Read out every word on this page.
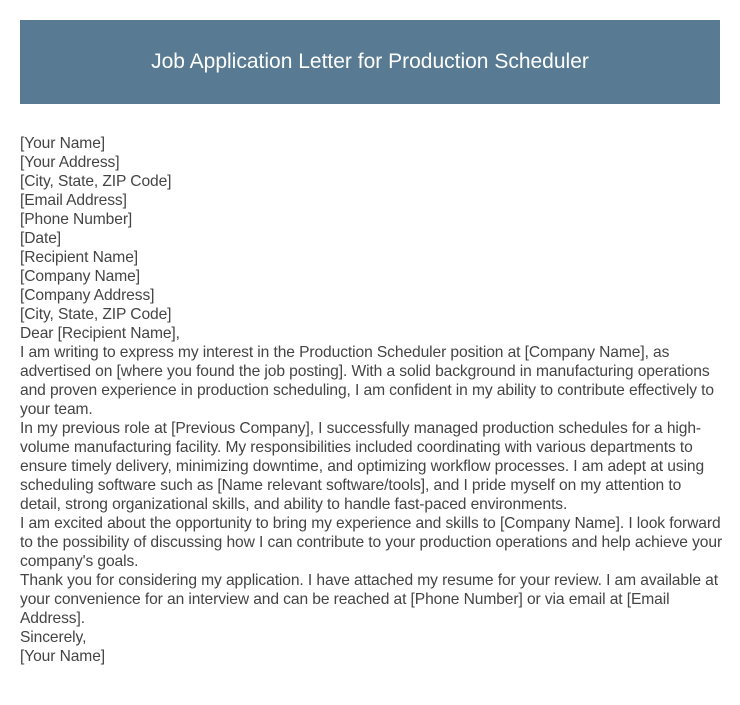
Job Application Letter for Production Scheduler

[Your Name]

[Your Address]

[City, State, ZIP Code]

[Email Address]

[Phone Number]

[Date]

[Recipient Name]

[Company Name]

[Company Address]

[City, State, ZIP Code]

Dear [Recipient Name],

I am writing to express my interest in the Production Scheduler position at [Company Name], as advertised on [where you found the job posting]. With a solid background in manufacturing operations and proven experience in production scheduling, I am confident in my ability to contribute effectively to your team.

In my previous role at [Previous Company], I successfully managed production schedules for a high-volume manufacturing facility. My responsibilities included coordinating with various departments to ensure timely delivery, minimizing downtime, and optimizing workflow processes. I am adept at using scheduling software such as [Name relevant software/tools], and I pride myself on my attention to detail, strong organizational skills, and ability to handle fast-paced environments.

I am excited about the opportunity to bring my experience and skills to [Company Name]. I look forward to the possibility of discussing how I can contribute to your production operations and help achieve your company's goals.

Thank you for considering my application. I have attached my resume for your review. I am available at your convenience for an interview and can be reached at [Phone Number] or via email at [Email Address].

Sincerely,

[Your Name]
